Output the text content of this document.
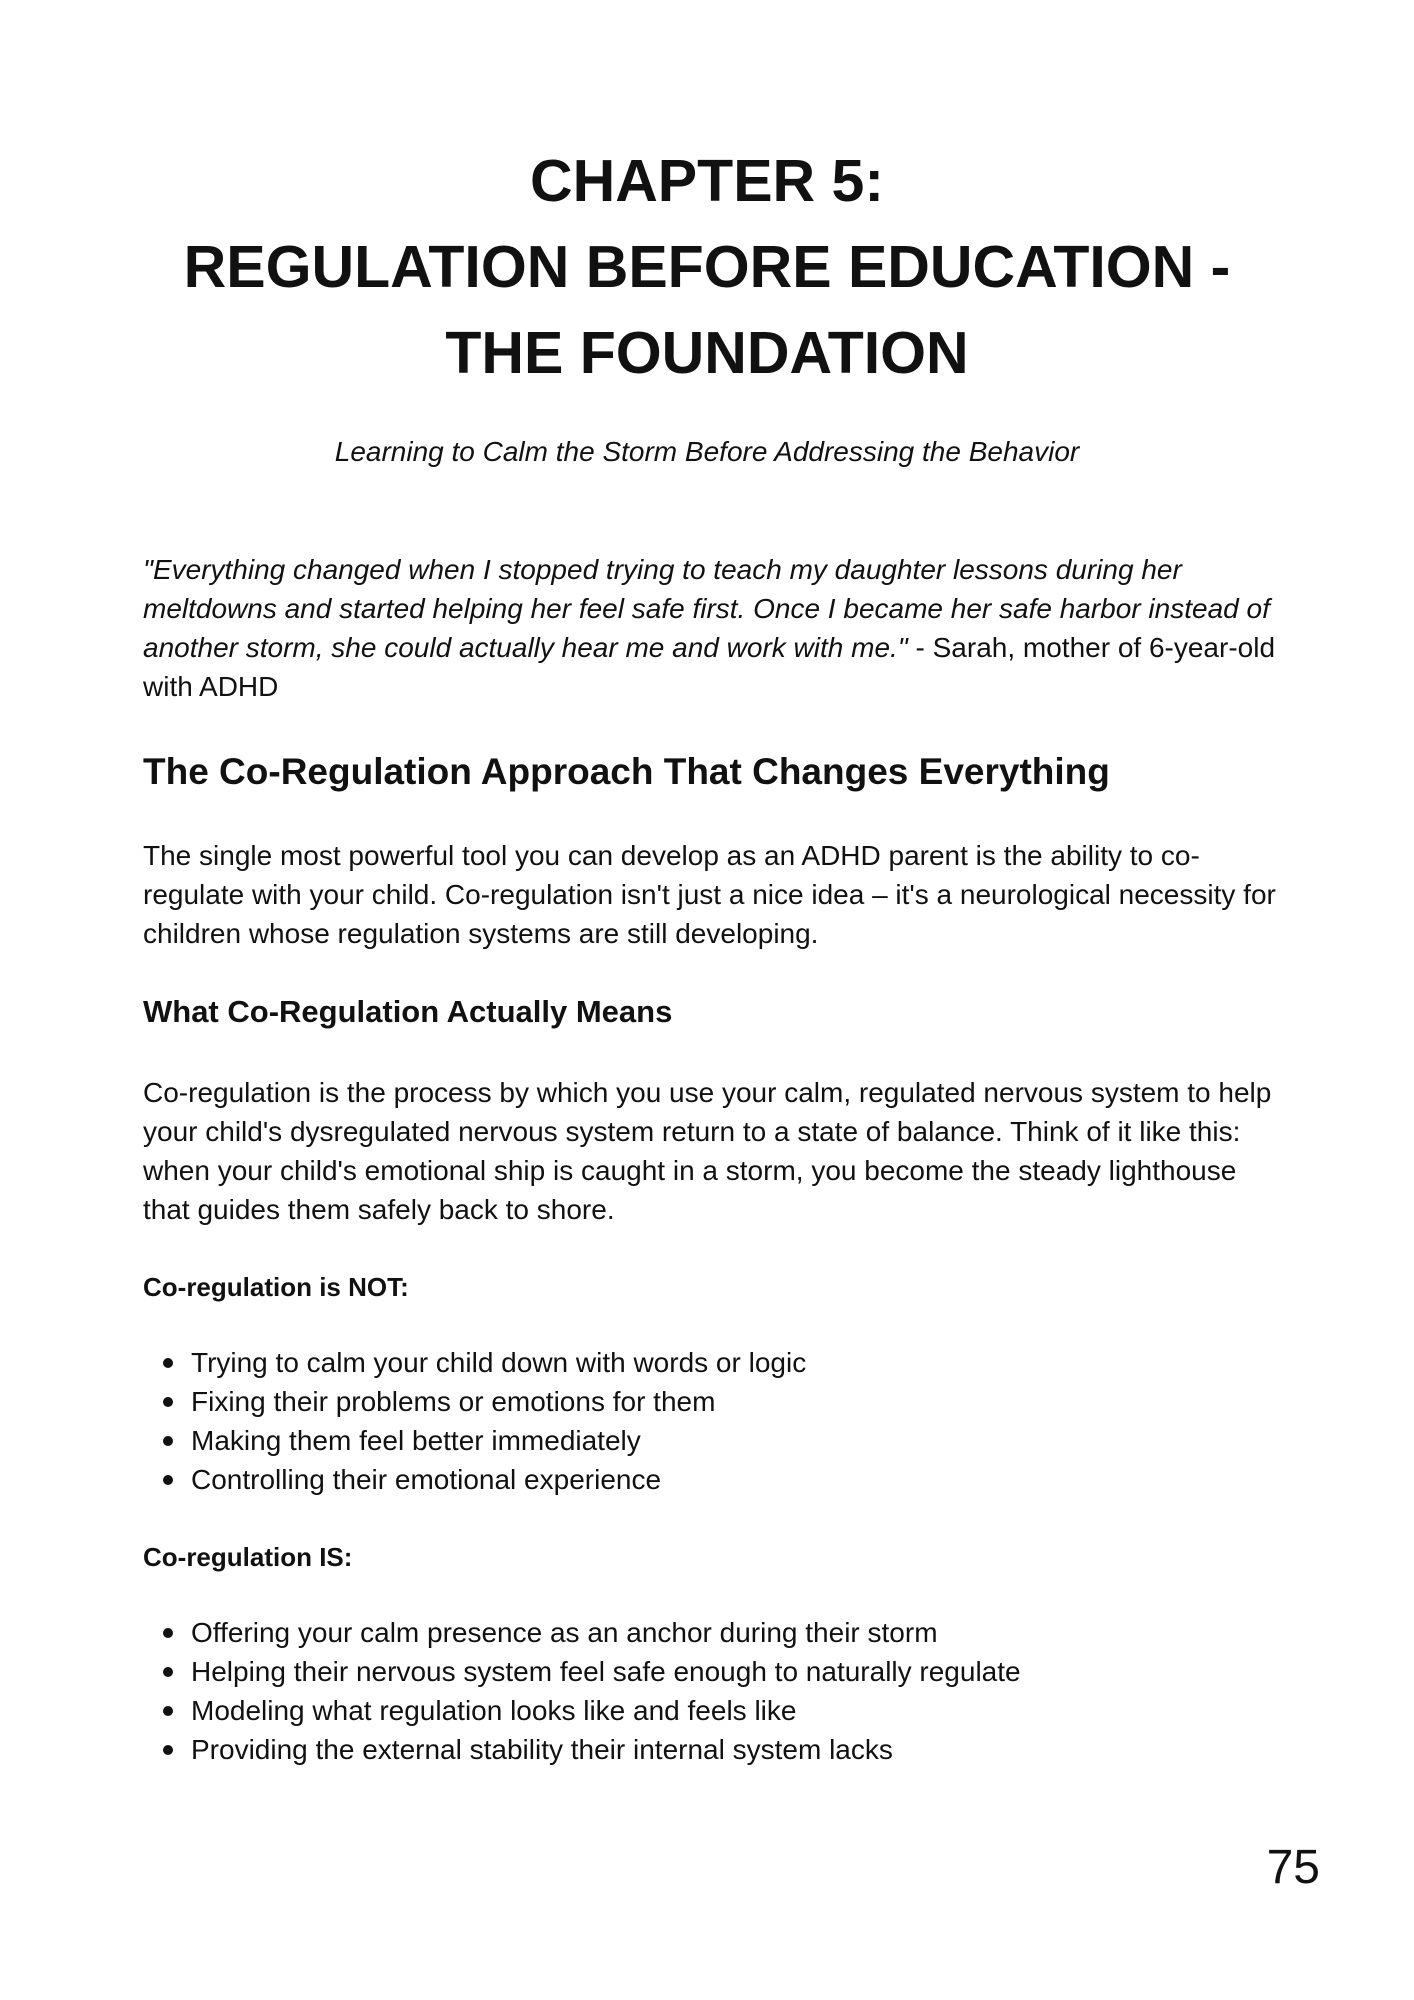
CHAPTER 5:
REGULATION BEFORE EDUCATION -
THE FOUNDATION

Learning to Calm the Storm Before Addressing the Behavior

"Everything changed when I stopped trying to teach my daughter lessons during her meltdowns and started helping her feel safe first. Once I became her safe harbor instead of another storm, she could actually hear me and work with me." - Sarah, mother of 6-year-old with ADHD

The Co-Regulation Approach That Changes Everything

The single most powerful tool you can develop as an ADHD parent is the ability to co-regulate with your child. Co-regulation isn't just a nice idea – it's a neurological necessity for children whose regulation systems are still developing.

What Co-Regulation Actually Means

Co-regulation is the process by which you use your calm, regulated nervous system to help your child's dysregulated nervous system return to a state of balance. Think of it like this: when your child's emotional ship is caught in a storm, you become the steady lighthouse that guides them safely back to shore.

Co-regulation is NOT:

Trying to calm your child down with words or logic
Fixing their problems or emotions for them
Making them feel better immediately
Controlling their emotional experience

Co-regulation IS:

Offering your calm presence as an anchor during their storm
Helping their nervous system feel safe enough to naturally regulate
Modeling what regulation looks like and feels like
Providing the external stability their internal system lacks
75
